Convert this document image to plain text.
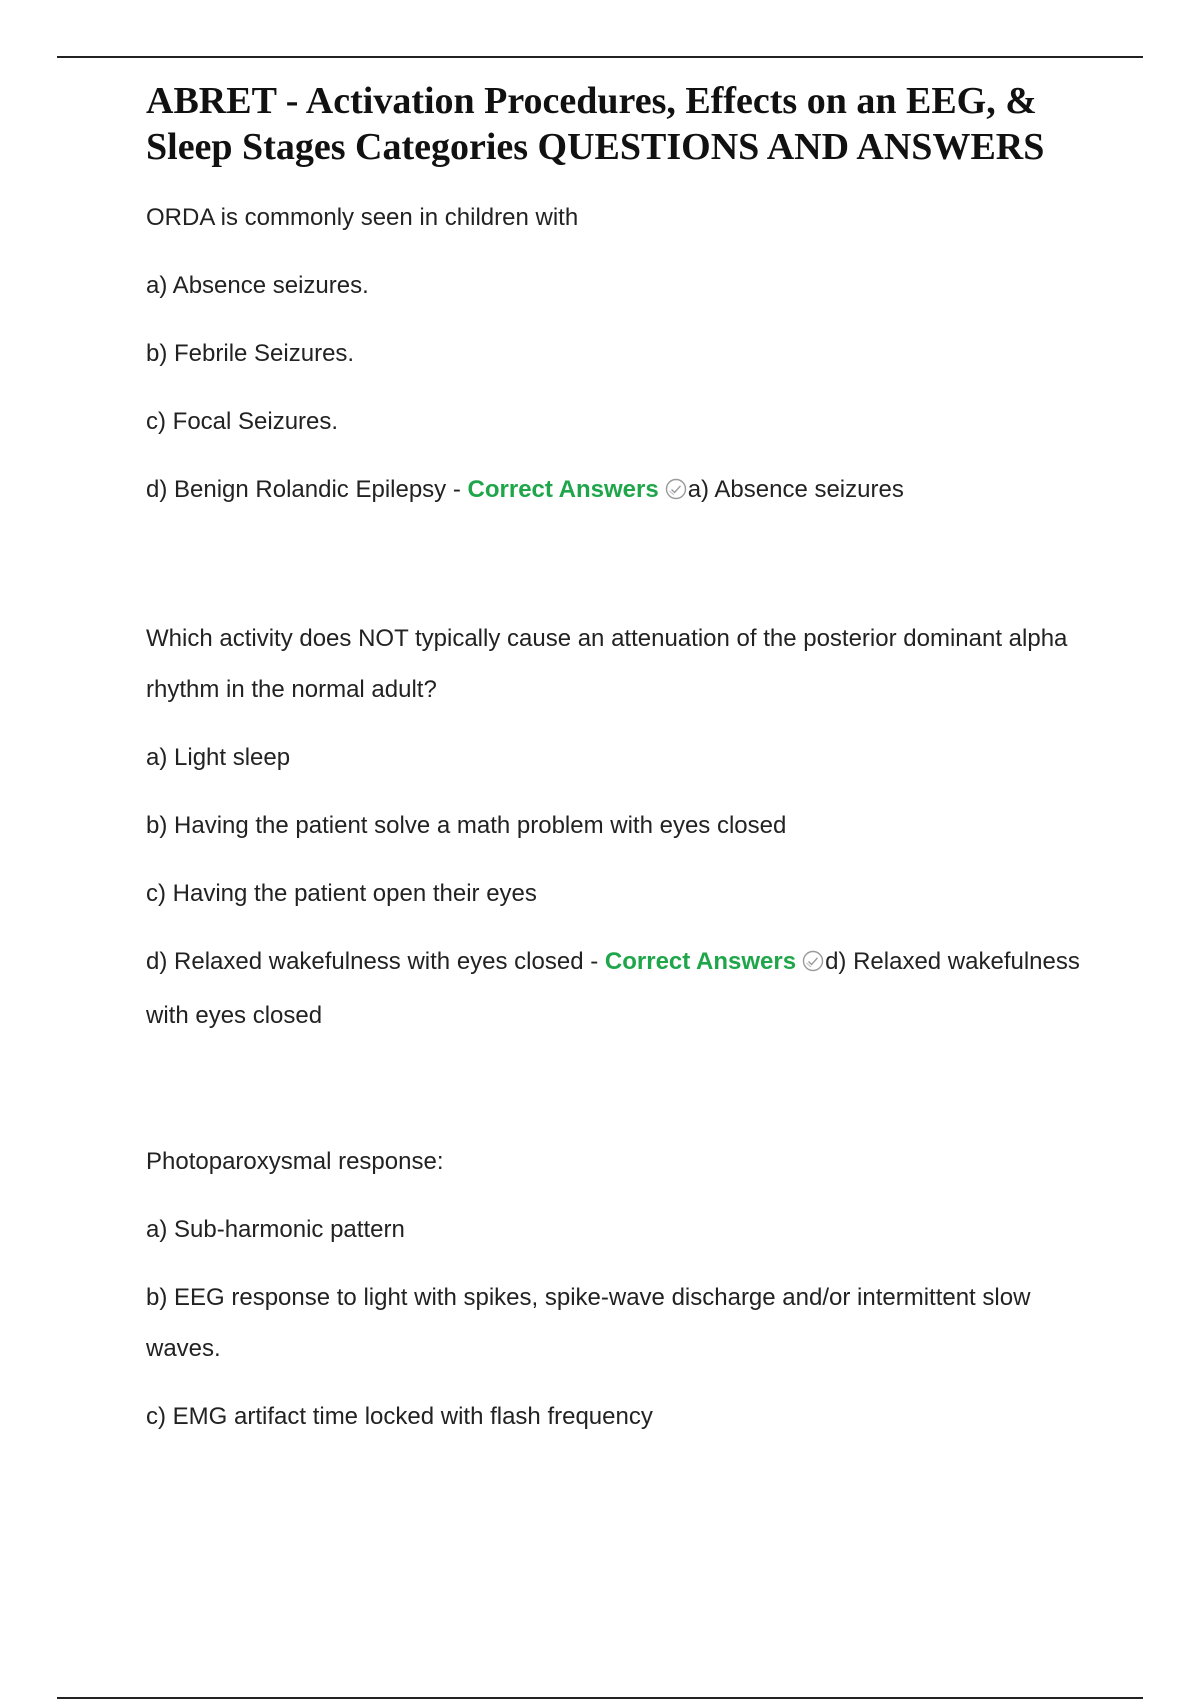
ABRET - Activation Procedures, Effects on an EEG, & Sleep Stages Categories QUESTIONS AND ANSWERS

ORDA is commonly seen in children with

a) Absence seizures.

b) Febrile Seizures.

c) Focal Seizures.

d) Benign Rolandic Epilepsy - Correct Answers a) Absence seizures

Which activity does NOT typically cause an attenuation of the posterior dominant alpha rhythm in the normal adult?

a) Light sleep

b) Having the patient solve a math problem with eyes closed

c) Having the patient open their eyes

d) Relaxed wakefulness with eyes closed - Correct Answers d) Relaxed wakefulness with eyes closed

Photoparoxysmal response:

a) Sub-harmonic pattern

b) EEG response to light with spikes, spike-wave discharge and/or intermittent slow waves.

c) EMG artifact time locked with flash frequency
